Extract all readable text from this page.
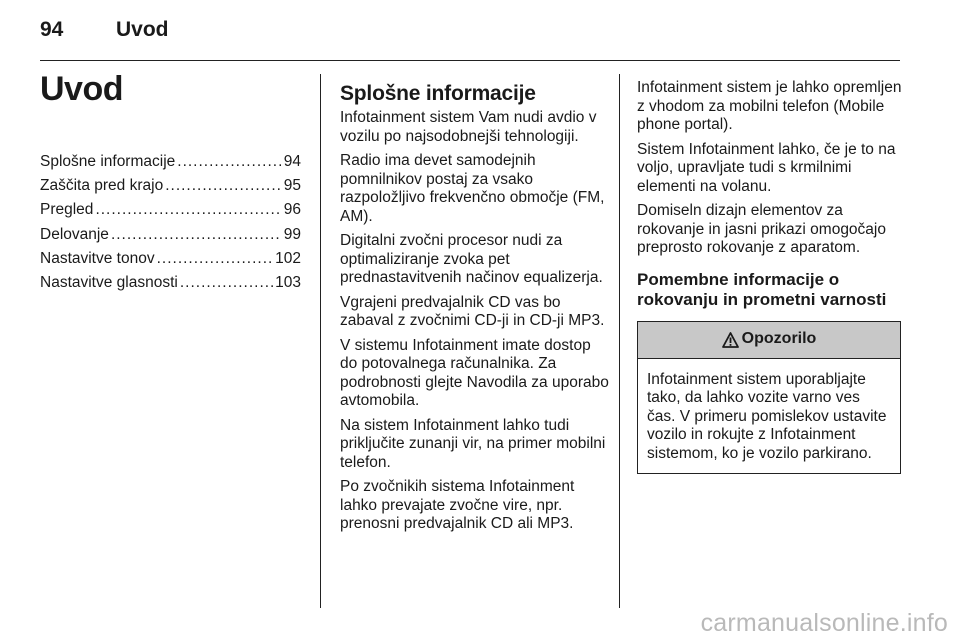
94	Uvod
Uvod
Splošne informacije .....	94
Zaščita pred krajo .....	95
Pregled .....	96
Delovanje .....	99
Nastavitve tonov .....	102
Nastavitve glasnosti .....	103
Splošne informacije

Infotainment sistem Vam nudi avdio v vozilu po najsodobnejši tehnologiji.

Radio ima devet samodejnih pomnilnikov postaj za vsako razpoložljivo frekvenčno območje (FM, AM).

Digitalni zvočni procesor nudi za optimaliziranje zvoka pet prednastavitvenih načinov equalizerja.

Vgrajeni predvajalnik CD vas bo zabaval z zvočnimi CD-ji in CD-ji MP3.

V sistemu Infotainment imate dostop do potovalnega računalnika. Za podrobnosti glejte Navodila za uporabo avtomobila.

Na sistem Infotainment lahko tudi priključite zunanji vir, na primer mobilni telefon.

Po zvočnikih sistema Infotainment lahko prevajate zvočne vire, npr. prenosni predvajalnik CD ali MP3.

Infotainment sistem je lahko opremljen z vhodom za mobilni telefon (Mobile phone portal).

Sistem Infotainment lahko, če je to na voljo, upravljate tudi s krmilnimi elementi na volanu.

Domiseln dizajn elementov za rokovanje in jasni prikazi omogočajo preprosto rokovanje z aparatom.

Pomembne informacije o rokovanju in prometni varnosti
Opozorilo
Infotainment sistem uporabljajte tako, da lahko vozite varno ves čas. V primeru pomislekov ustavite vozilo in rokujte z Infotainment sistemom, ko je vozilo parkirano.
carmanualsonline.info
